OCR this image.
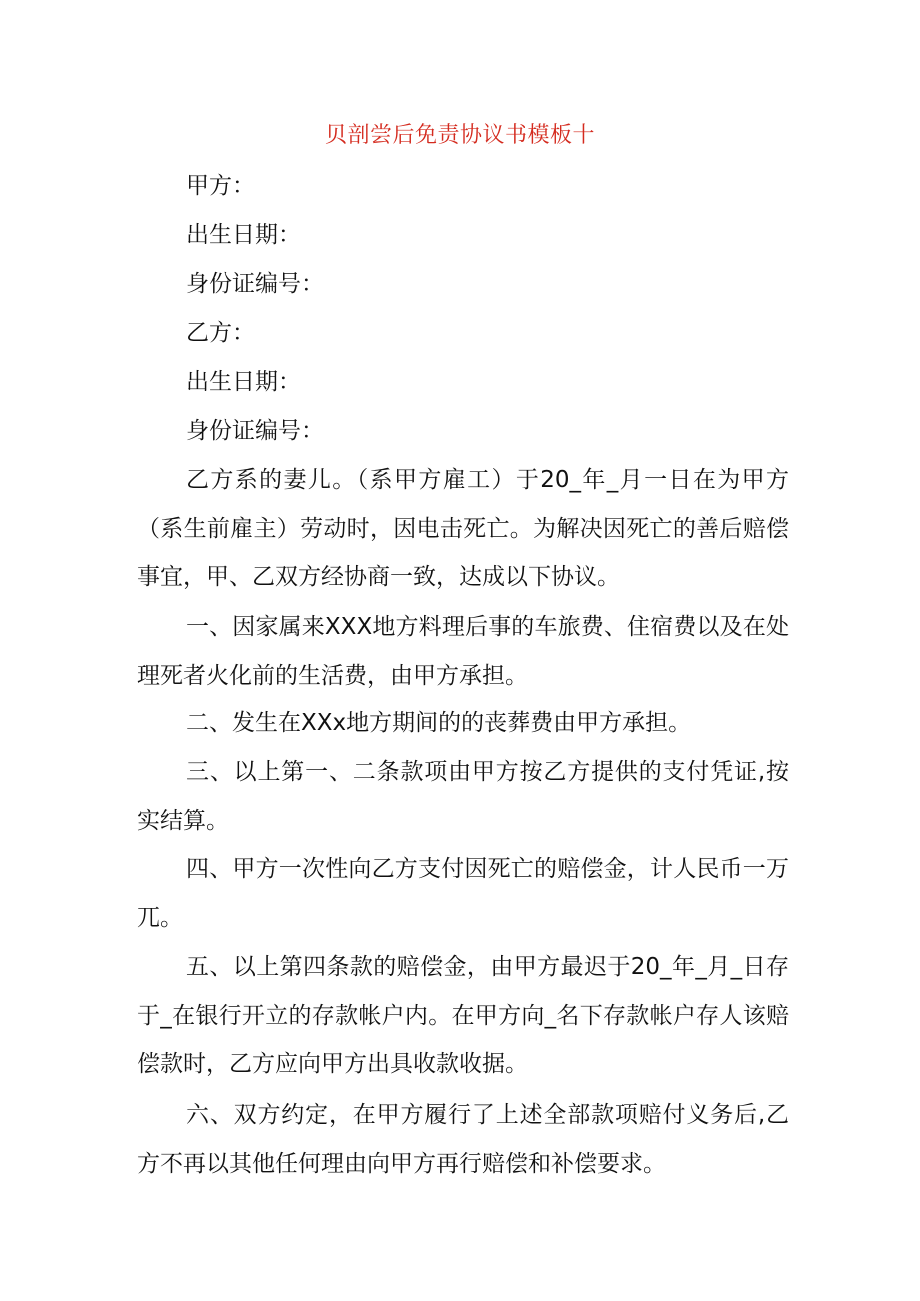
贝剖尝后免责协议书模板十
甲方：
出生日期：
身份证编号：
乙方：
出生日期：
身份证编号：

乙方系的妻儿。（系甲方雇工）于20_年_月一日在为甲方（系生前雇主）劳动时，因电击死亡。为解决因死亡的善后赔偿事宜，甲、乙双方经协商一致，达成以下协议。

一、因家属来XXX地方料理后事的车旅费、住宿费以及在处理死者火化前的生活费，由甲方承担。

二、发生在XXx地方期间的的丧葬费由甲方承担。

三、以上第一、二条款项由甲方按乙方提供的支付凭证,按实结算。

四、甲方一次性向乙方支付因死亡的赔偿金，计人民币一万兀。

五、以上第四条款的赔偿金，由甲方最迟于20_年_月_日存于_在银行开立的存款帐户内。在甲方向_名下存款帐户存人该赔偿款时，乙方应向甲方出具收款收据。

六、双方约定，在甲方履行了上述全部款项赔付义务后,乙方不再以其他任何理由向甲方再行赔偿和补偿要求。
